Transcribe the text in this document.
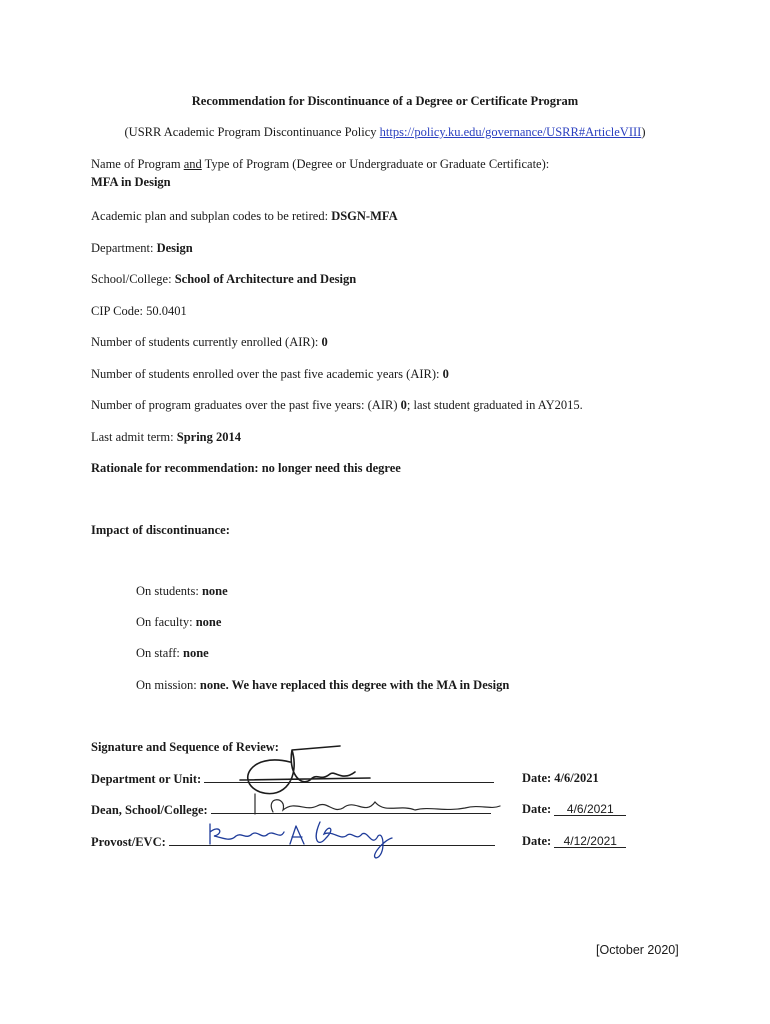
Recommendation for Discontinuance of a Degree or Certificate Program
(USRR Academic Program Discontinuance Policy https://policy.ku.edu/governance/USRR#ArticleVIII)
Name of Program and Type of Program (Degree or Undergraduate or Graduate Certificate):
MFA in Design
Academic plan and subplan codes to be retired: DSGN-MFA
Department: Design
School/College: School of Architecture and Design
CIP Code: 50.0401
Number of students currently enrolled (AIR): 0
Number of students enrolled over the past five academic years (AIR): 0
Number of program graduates over the past five years: (AIR) 0; last student graduated in AY2015.
Last admit term: Spring 2014
Rationale for recommendation: no longer need this degree
Impact of discontinuance:
On students: none
On faculty: none
On staff: none
On mission: none. We have replaced this degree with the MA in Design
Signature and Sequence of Review:
Department or Unit:	Date: 4/6/2021
Dean, School/College:	Date: 4/6/2021
Provost/EVC:	Date: 4/12/2021
[October 2020]
